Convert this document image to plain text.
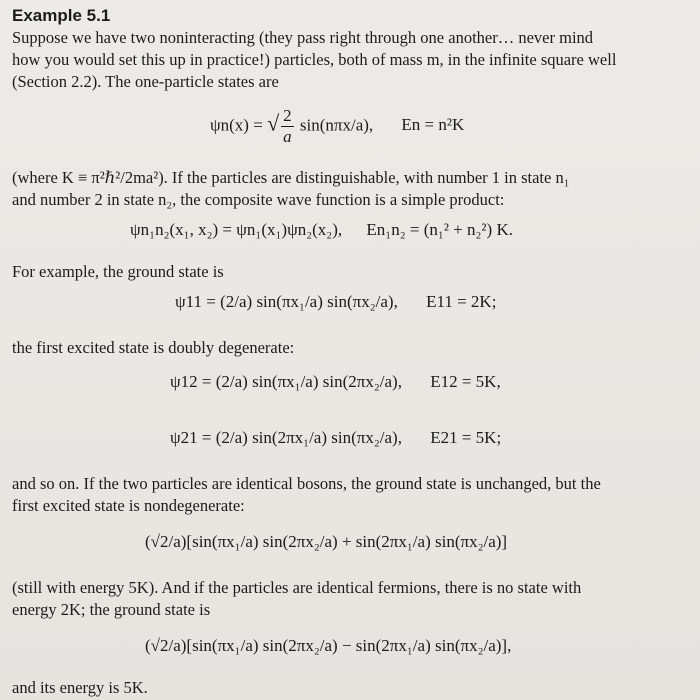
Example 5.1
Suppose we have two noninteracting (they pass right through one another… never mind
how you would set this up in practice!) particles, both of mass m, in the infinite square well
(Section 2.2). The one-particle states are
ψn(x) = √ $\frac{2}{a} \sin(n\pi x/a)$, En = n²K
(where K ≡ π²ℏ²/2ma²). If the particles are distinguishable, with number 1 in state n₁
and number 2 in state n₂, the composite wave function is a simple product:
ψn₁n₂(x₁, x₂) = ψn₁(x₁)ψn₂(x₂), En₁n₂ = (n₁² + n₂²) K.
For example, the ground state is
ψ11 = (2/a) sin(πx₁/a) sin(πx₂/a), E11 = 2K;
the first excited state is doubly degenerate:
ψ12 = (2/a) sin(πx₁/a) sin(2πx₂/a), E12 = 5K,
ψ21 = (2/a) sin(2πx₁/a) sin(πx₂/a), E21 = 5K;
and so on. If the two particles are identical bosons, the ground state is unchanged, but the
first excited state is nondegenerate:
(√2/a)[sin(πx₁/a) sin(2πx₂/a) + sin(2πx₁/a) sin(πx₂/a)]
(still with energy 5K). And if the particles are identical fermions, there is no state with
energy 2K; the ground state is
(√2/a)[sin(πx₁/a) sin(2πx₂/a) − sin(2πx₁/a) sin(πx₂/a)],
and its energy is 5K.
